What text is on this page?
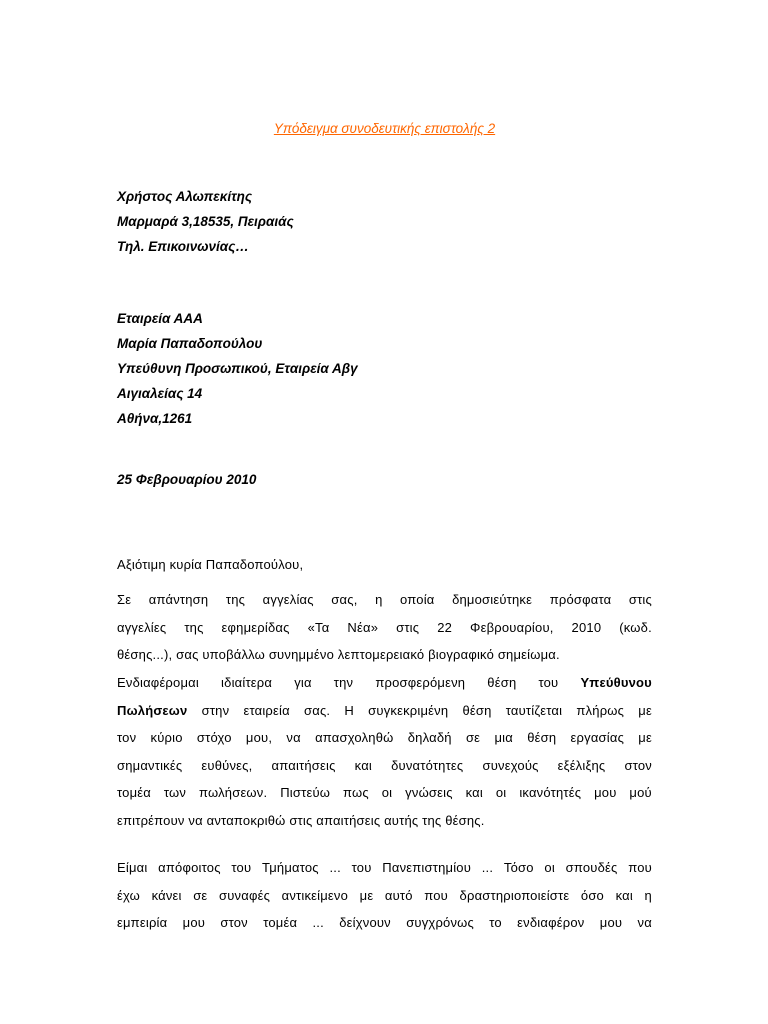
Υπόδειγμα συνοδευτικής επιστολής 2
Χρήστος Αλωπεκίτης
Μαρμαρά 3,18535, Πειραιάς
Τηλ. Επικοινωνίας…
Εταιρεία ΑΑΑ
Μαρία Παπαδοπούλου
Υπεύθυνη Προσωπικού, Εταιρεία Αβγ
Αιγιαλείας 14
Αθήνα,1261
25 Φεβρουαρίου 2010
Αξιότιμη κυρία Παπαδοπούλου,
Σε απάντηση της αγγελίας σας, η οποία δημοσιεύτηκε πρόσφατα στις
αγγελίες της εφημερίδας «Τα Νέα» στις 22 Φεβρουαρίου, 2010 (κωδ.
θέσης...), σας υποβάλλω συνημμένο λεπτομερειακό βιογραφικό σημείωμα.
Ενδιαφέρομαι ιδιαίτερα για την προσφερόμενη θέση του Υπεύθυνου
Πωλήσεων στην εταιρεία σας. Η συγκεκριμένη θέση ταυτίζεται πλήρως με
τον κύριο στόχο μου, να απασχοληθώ δηλαδή σε μια θέση εργασίας με
σημαντικές ευθύνες, απαιτήσεις και δυνατότητες συνεχούς εξέλιξης στον
τομέα των πωλήσεων. Πιστεύω πως οι γνώσεις και οι ικανότητές μου μού
επιτρέπουν να ανταποκριθώ στις απαιτήσεις αυτής της θέσης.
Είμαι απόφοιτος του Τμήματος ... του Πανεπιστημίου ... Τόσο οι σπουδές που
έχω κάνει σε συναφές αντικείμενο με αυτό που δραστηριοποιείστε όσο και η
εμπειρία μου στον τομέα ... δείχνουν συγχρόνως το ενδιαφέρον μου να
